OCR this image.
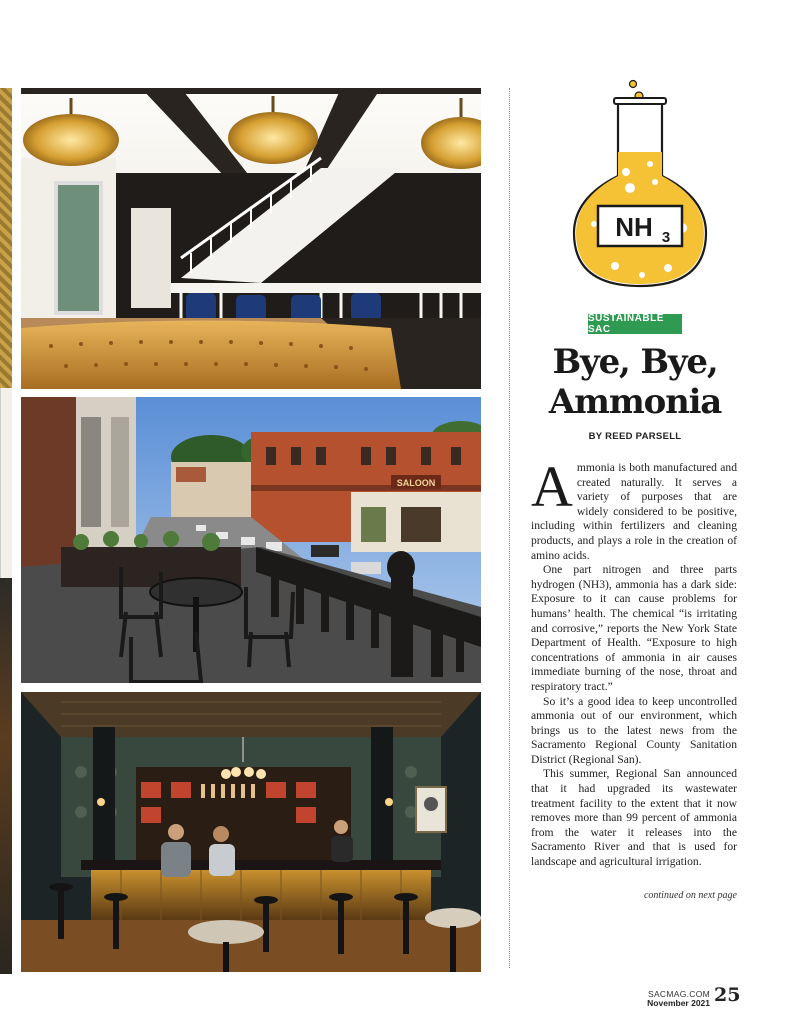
SALOON
NH 3
SUSTAINABLE SAC
Bye, Bye,
Ammonia
BY REED PARSELL

Ammonia is both manufactured and created naturally. It serves a variety of purposes that are widely considered to be positive, including within fertilizers and cleaning products, and plays a role in the creation of amino acids.

One part nitrogen and three parts hydrogen (NH3), ammonia has a dark side: Exposure to it can cause problems for humans’ health. The chemical “is irritating and corrosive,” reports the New York State Department of Health. “Exposure to high concentrations of ammonia in air causes immediate burning of the nose, throat and respiratory tract.”

So it’s a good idea to keep uncontrolled ammonia out of our environment, which brings us to the latest news from the Sacramento Regional County Sanitation District (Regional San).

This summer, Regional San announced that it had upgraded its wastewater treatment facility to the extent that it now removes more than 99 percent of ammonia from the water it releases into the Sacramento River and that is used for landscape and agricultural irrigation.

continued on next page
SACMAG.COM
November 2021 25
